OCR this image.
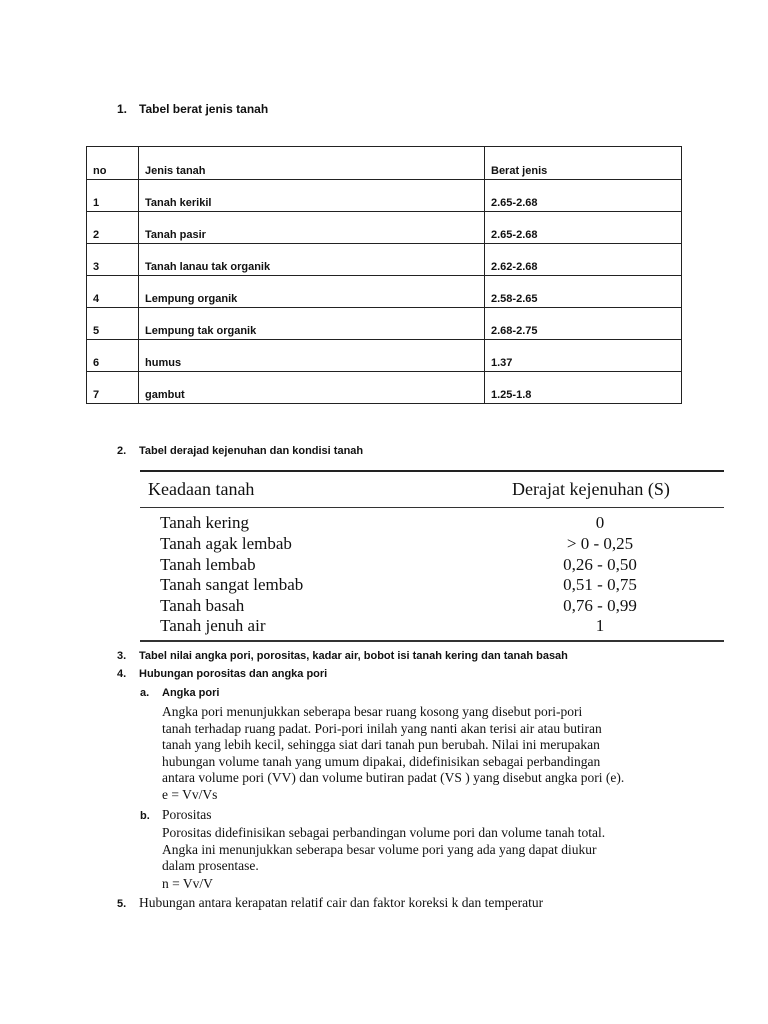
1. Tabel berat jenis tanah
no	Jenis tanah	Berat jenis
1	Tanah kerikil	2.65-2.68
2	Tanah pasir	2.65-2.68
3	Tanah lanau tak organik	2.62-2.68
4	Lempung organik	2.58-2.65
5	Lempung tak organik	2.68-2.75
6	humus	1.37
7	gambut	1.25-1.8
2. Tabel derajad kejenuhan dan kondisi tanah
Keadaan tanah	Derajat kejenuhan (S)
Tanah kering	0
Tanah agak lembab	> 0 - 0,25
Tanah lembab	0,26 - 0,50
Tanah sangat lembab	0,51 - 0,75
Tanah basah	0,76 - 0,99
Tanah jenuh air	1
3. Tabel nilai angka pori, porositas, kadar air, bobot isi tanah kering dan tanah basah
4. Hubungan porositas dan angka pori
a. Angka pori
Angka pori menunjukkan seberapa besar ruang kosong yang disebut pori-pori
tanah terhadap ruang padat. Pori-pori inilah yang nanti akan terisi air atau butiran
tanah yang lebih kecil, sehingga siat dari tanah pun berubah. Nilai ini merupakan
hubungan volume tanah yang umum dipakai, didefinisikan sebagai perbandingan
antara volume pori (VV) dan volume butiran padat (VS ) yang disebut angka pori (e).
e = Vv/Vs
b. Porositas
Porositas didefinisikan sebagai perbandingan volume pori dan volume tanah total.
Angka ini menunjukkan seberapa besar volume pori yang ada yang dapat diukur
dalam prosentase.
n = Vv/V
5. Hubungan antara kerapatan relatif cair dan faktor koreksi k dan temperatur
